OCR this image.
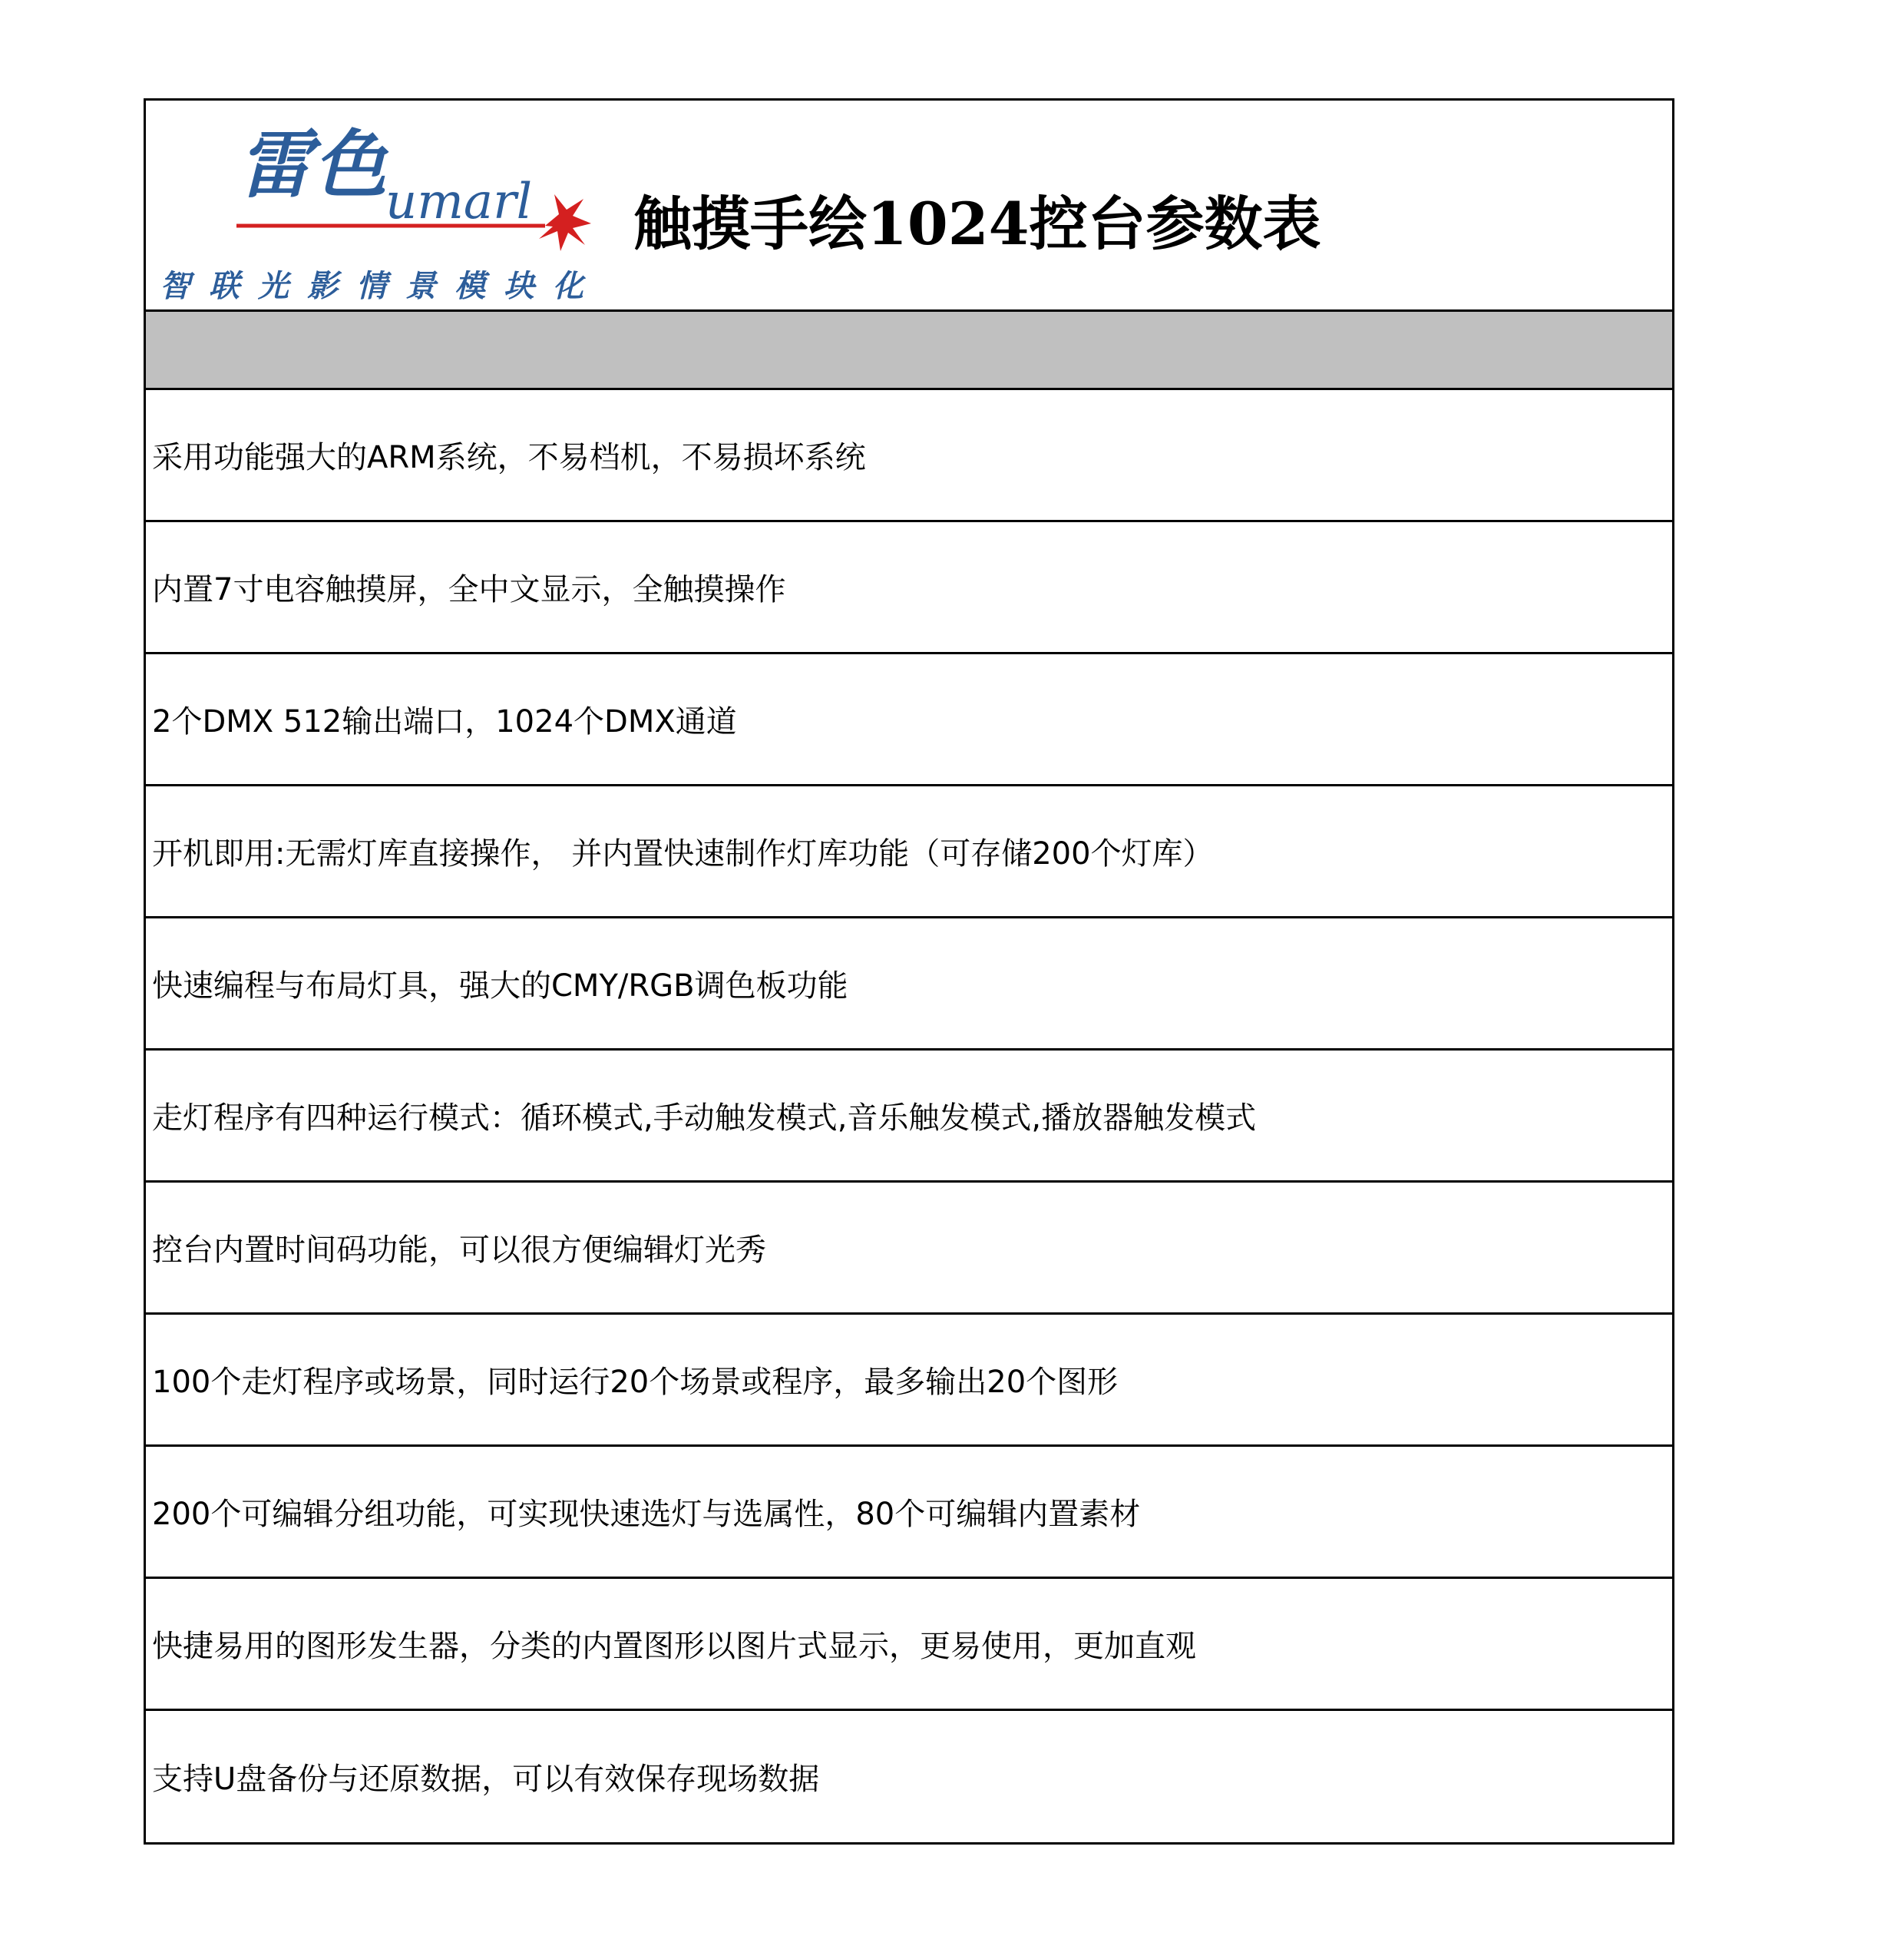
雷色
umarl
智联光影情景模块化
触摸手绘1024控台参数表
采用功能强大的ARM系统，不易档机，不易损坏系统
内置7寸电容触摸屏，全中文显示，全触摸操作
2个DMX 512输出端口，1024个DMX通道
开机即用:无需灯库直接操作， 并内置快速制作灯库功能（可存储200个灯库）
快速编程与布局灯具，强大的CMY/RGB调色板功能
走灯程序有四种运行模式：循环模式,手动触发模式,音乐触发模式,播放器触发模式
控台内置时间码功能，可以很方便编辑灯光秀
100个走灯程序或场景，同时运行20个场景或程序，最多输出20个图形
200个可编辑分组功能，可实现快速选灯与选属性，80个可编辑内置素材
快捷易用的图形发生器，分类的内置图形以图片式显示，更易使用，更加直观
支持U盘备份与还原数据，可以有效保存现场数据
